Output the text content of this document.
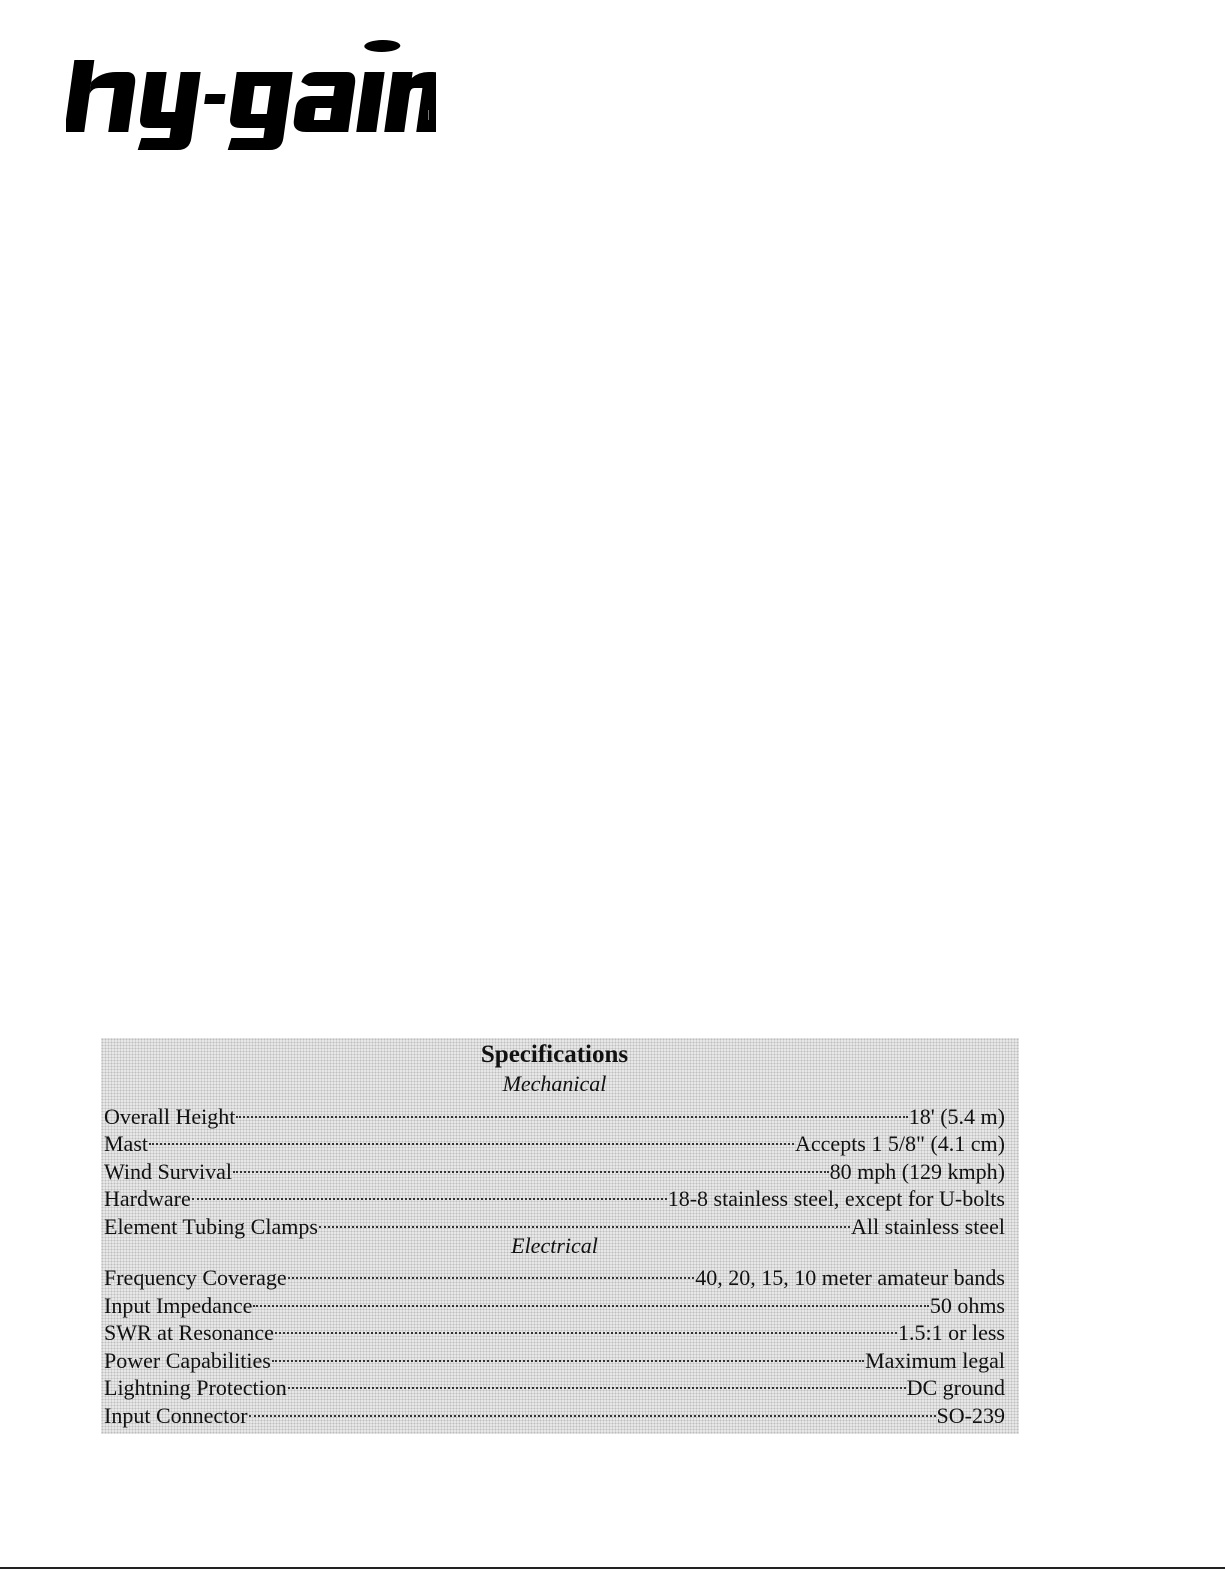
Specifications
Mechanical
Overall Height	18' (5.4 m)
Mast	Accepts 1 5/8" (4.1 cm)
Wind Survival	80 mph (129 kmph)
Hardware	18-8 stainless steel, except for U-bolts
Element Tubing Clamps	All stainless steel
Electrical
Frequency Coverage	40, 20, 15, 10 meter amateur bands
Input Impedance	50 ohms
SWR at Resonance	1.5:1 or less
Power Capabilities	Maximum legal
Lightning Protection	DC ground
Input Connector	SO-239
